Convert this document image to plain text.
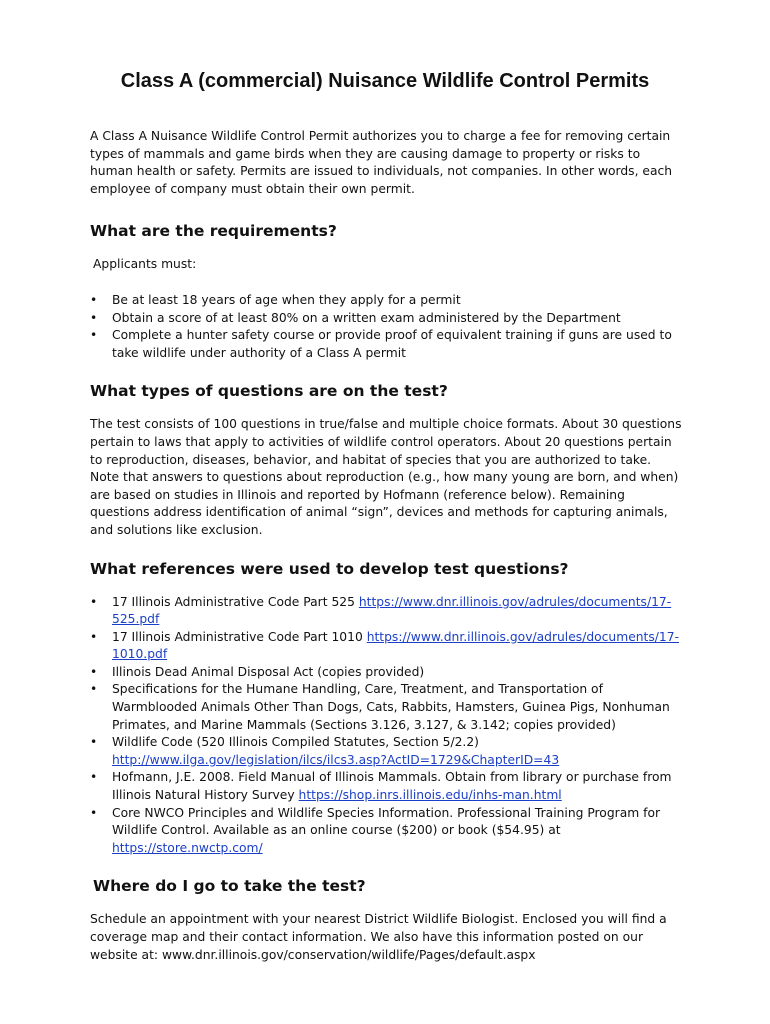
Class A (commercial) Nuisance Wildlife Control Permits

A Class A Nuisance Wildlife Control Permit authorizes you to charge a fee for removing certain types of mammals and game birds when they are causing damage to property or risks to human health or safety. Permits are issued to individuals, not companies. In other words, each employee of company must obtain their own permit.

What are the requirements?

Applicants must:

• Be at least 18 years of age when they apply for a permit
• Obtain a score of at least 80% on a written exam administered by the Department
• Complete a hunter safety course or provide proof of equivalent training if guns are used to take wildlife under authority of a Class A permit
What types of questions are on the test?

The test consists of 100 questions in true/false and multiple choice formats. About 30 questions pertain to laws that apply to activities of wildlife control operators. About 20 questions pertain to reproduction, diseases, behavior, and habitat of species that you are authorized to take. Note that answers to questions about reproduction (e.g., how many young are born, and when) are based on studies in Illinois and reported by Hofmann (reference below). Remaining questions address identification of animal “sign”, devices and methods for capturing animals, and solutions like exclusion.

What references were used to develop test questions?
• 17 Illinois Administrative Code Part 525 https://www.dnr.illinois.gov/adrules/documents/17-525.pdf
• 17 Illinois Administrative Code Part 1010 https://www.dnr.illinois.gov/adrules/documents/17-1010.pdf
• Illinois Dead Animal Disposal Act (copies provided)
• Specifications for the Humane Handling, Care, Treatment, and Transportation of Warmblooded Animals Other Than Dogs, Cats, Rabbits, Hamsters, Guinea Pigs, Nonhuman Primates, and Marine Mammals (Sections 3.126, 3.127, & 3.142; copies provided)
• Wildlife Code (520 Illinois Compiled Statutes, Section 5/2.2) http://www.ilga.gov/legislation/ilcs/ilcs3.asp?ActID=1729&ChapterID=43
• Hofmann, J.E. 2008. Field Manual of Illinois Mammals. Obtain from library or purchase from Illinois Natural History Survey https://shop.inrs.illinois.edu/inhs-man.html
• Core NWCO Principles and Wildlife Species Information. Professional Training Program for Wildlife Control. Available as an online course ($200) or book ($54.95) at https://store.nwctp.com/
Where do I go to take the test?

Schedule an appointment with your nearest District Wildlife Biologist. Enclosed you will find a coverage map and their contact information. We also have this information posted on our website at: www.dnr.illinois.gov/conservation/wildlife/Pages/default.aspx
